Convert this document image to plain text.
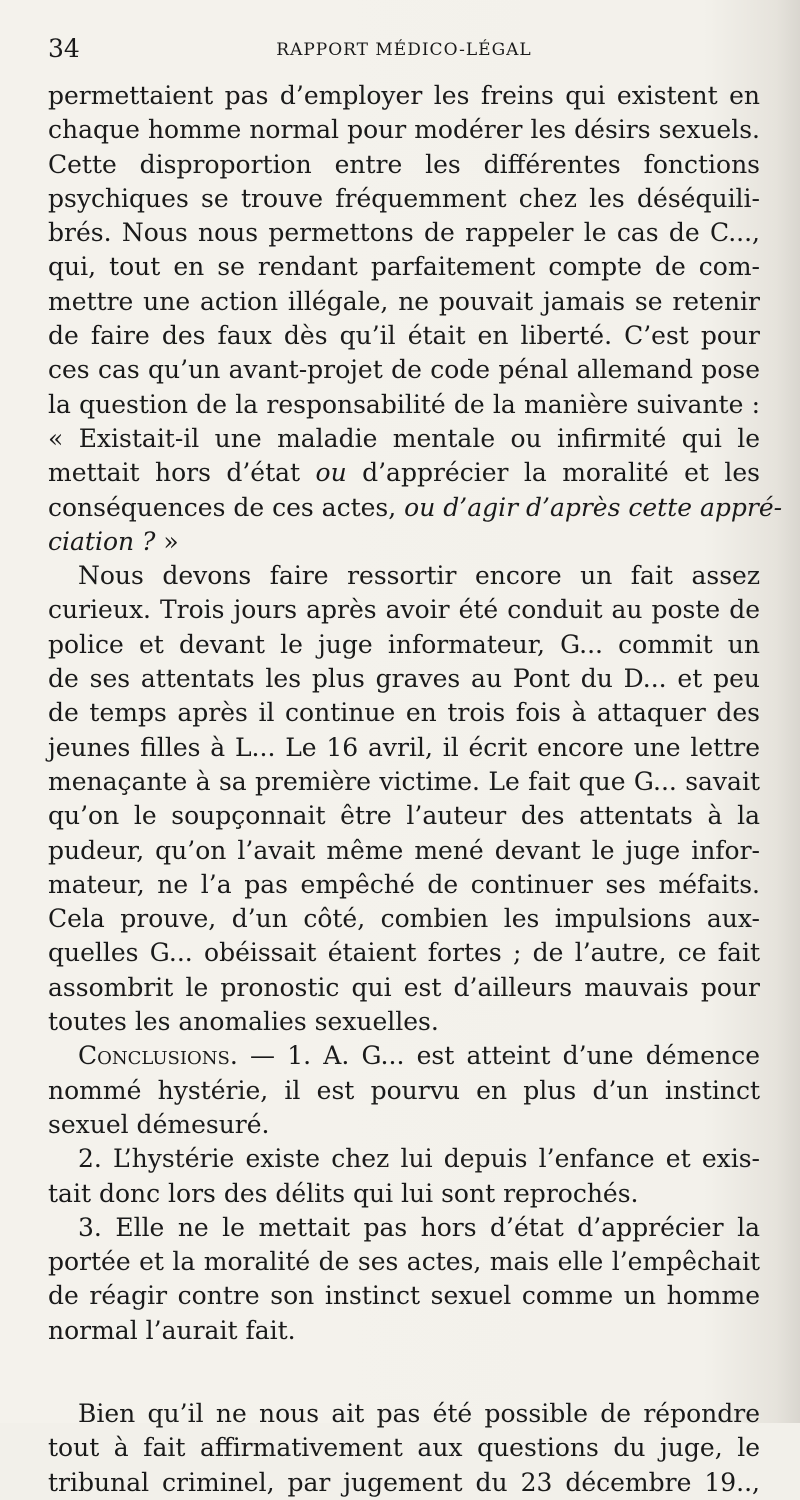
34	RAPPORT MÉDICO-LÉGAL
permettaient pas d’employer les freins qui existent en
chaque homme normal pour modérer les désirs sexuels.
Cette disproportion entre les différentes fonctions
psychiques se trouve fréquemment chez les déséquili-
brés. Nous nous permettons de rappeler le cas de C...,
qui, tout en se rendant parfaitement compte de com-
mettre une action illégale, ne pouvait jamais se retenir
de faire des faux dès qu’il était en liberté. C’est pour
ces cas qu’un avant-projet de code pénal allemand pose
la question de la responsabilité de la manière suivante :
« Existait-il une maladie mentale ou infirmité qui le
mettait hors d’état ou d’apprécier la moralité et les
conséquences de ces actes, ou d’agir d’après cette appré-
ciation ? »
Nous devons faire ressortir encore un fait assez
curieux. Trois jours après avoir été conduit au poste de
police et devant le juge informateur, G... commit un
de ses attentats les plus graves au Pont du D... et peu
de temps après il continue en trois fois à attaquer des
jeunes filles à L... Le 16 avril, il écrit encore une lettre
menaçante à sa première victime. Le fait que G... savait
qu’on le soupçonnait être l’auteur des attentats à la
pudeur, qu’on l’avait même mené devant le juge infor-
mateur, ne l’a pas empêché de continuer ses méfaits.
Cela prouve, d’un côté, combien les impulsions aux-
quelles G... obéissait étaient fortes ; de l’autre, ce fait
assombrit le pronostic qui est d’ailleurs mauvais pour
toutes les anomalies sexuelles.
Conclusions. — 1. A. G... est atteint d’une démence
nommé hystérie, il est pourvu en plus d’un instinct
sexuel démesuré.
2. L’hystérie existe chez lui depuis l’enfance et exis-
tait donc lors des délits qui lui sont reprochés.
3. Elle ne le mettait pas hors d’état d’apprécier la
portée et la moralité de ses actes, mais elle l’empêchait
de réagir contre son instinct sexuel comme un homme
normal l’aurait fait.
Bien qu’il ne nous ait pas été possible de répondre
tout à fait affirmativement aux questions du juge, le
tribunal criminel, par jugement du 23 décembre 19..,
